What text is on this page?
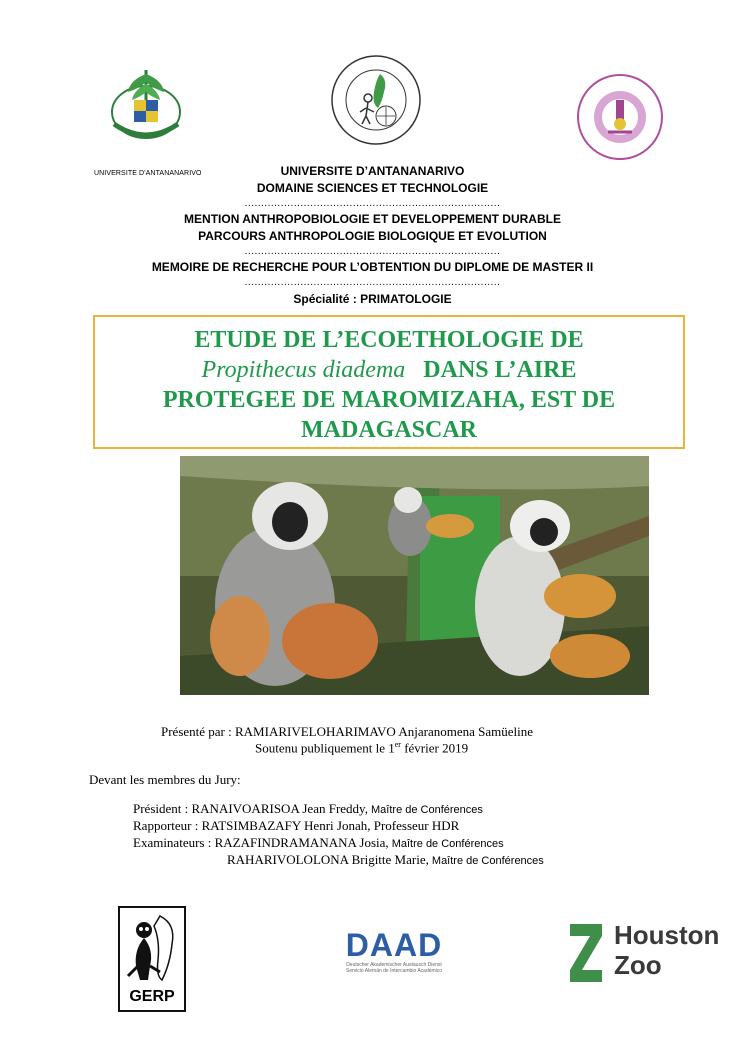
UNIVERSITE D'ANTANANARIVO	UNIVERSITE D’ANTANANARIVO
DOMAINE SCIENCES ET TECHNOLOGIE
..............................................................................
MENTION ANTHROPOBIOLOGIE ET DEVELOPPEMENT DURABLE
PARCOURS ANTHROPOLOGIE BIOLOGIQUE ET EVOLUTION
..............................................................................
MEMOIRE DE RECHERCHE POUR L’OBTENTION DU DIPLOME DE MASTER II
..............................................................................
Spécialité : PRIMATOLOGIE
ETUDE DE L’ECOETHOLOGIE DE
Propithecus diadema DANS L’AIRE
PROTEGEE DE MAROMIZAHA, EST DE
MADAGASCAR
Présenté par : RAMIARIVELOHARIMAVO Anjaranomena Samüeline
Soutenu publiquement le 1er février 2019
Devant les membres du Jury:
Président : RANAIVOARISOA Jean Freddy, Maître de Conférences
Rapporteur : RATSIMBAZAFY Henri Jonah, Professeur HDR
Examinateurs : RAZAFINDRAMANANA Josia, Maître de Conférences
RAHARIVOLOLONA Brigitte Marie, Maître de Conférences
GERP
DAAD
Deutscher Akademischer Austausch Dienst
Servicio Alemán de Intercambio Académico
Houston
Zoo
